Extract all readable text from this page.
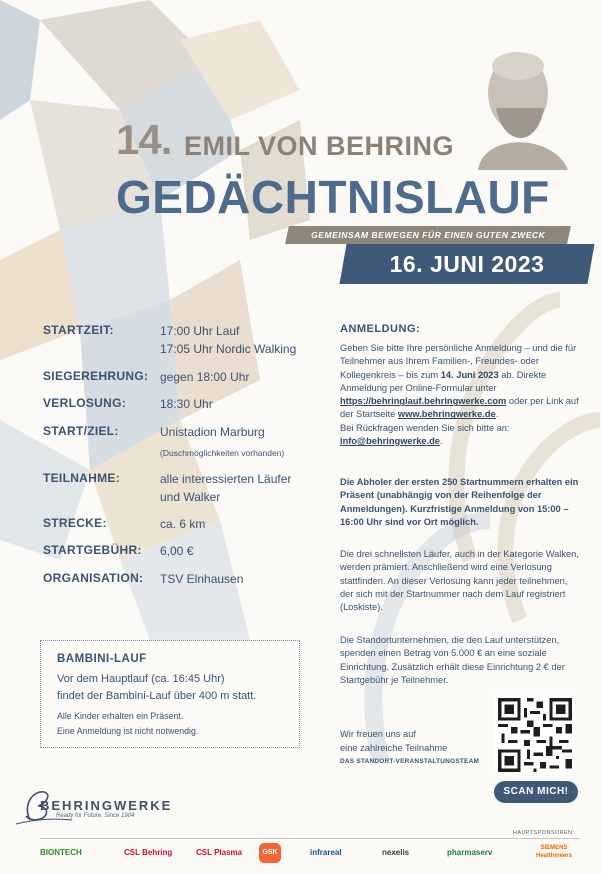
14. EMIL VON BEHRING
GEDÄCHTNISLAUF
GEMEINSAM BEWEGEN FÜR EINEN GUTEN ZWECK
16. JUNI 2023
STARTZEIT:	17:00 Uhr Lauf
17:05 Uhr Nordic Walking
SIEGEREHRUNG: gegen 18:00 Uhr
VERLOSUNG:	18:30 Uhr
START/ZIEL:	Unistadion Marburg
(Duschmöglichkeiten vorhanden)
TEILNAHME:	alle interessierten Läufer
und Walker
STRECKE:	ca. 6 km
STARTGEBÜHR: 6,00 €
ORGANISATION: TSV Elnhausen
ANMELDUNG:
Geben Sie bitte Ihre persönliche Anmeldung – und die für Teilnehmer aus Ihrem Familien-, Freundes- oder Kollegenkreis – bis zum 14. Juni 2023 ab. Direkte Anmeldung per Online-Formular unter https://behringlauf.behringwerke.com oder per Link auf der Startseite www.behringwerke.de.
Bei Rückfragen wenden Sie sich bitte an:
info@behringwerke.de.
Die Abholer der ersten 250 Startnummern erhalten ein Präsent (unabhängig von der Reihenfolge der Anmeldungen). Kurzfristige Anmeldung von 15:00 – 16:00 Uhr sind vor Ort möglich.
Die drei schnellsten Läufer, auch in der Kategorie Walken, werden prämiert. Anschließend wird eine Verlosung stattfinden. An dieser Verlosung kann jeder teilnehmen, der sich mit der Startnummer nach dem Lauf registriert (Loskiste).
Die Standortunternehmen, die den Lauf unterstützen, spenden einen Betrag von 5.000 € an eine soziale Einrichtung. Zusätzlich erhält diese Einrichtung 2 € der Startgebühr je Teilnehmer.
BAMBINI-LAUF
Vor dem Hauptlauf (ca. 16:45 Uhr)
findet der Bambini-Lauf über 400 m statt.
Alle Kinder erhalten ein Präsent.
Eine Anmeldung ist nicht notwendig.	Wir freuen uns auf
eine zahlreiche Teilnahme
DAS STANDORT-VERANSTALTUNGSTEAM
SCAN MICH!
BEHRINGWERKE
Ready for Future. Since 1904
HAUPTSPONSOREN:
BIONTECH	CSL Behring	CSL Plasma	GSK	infrareal	nexelis	pharmaserv	SIEMENS Healthineers
